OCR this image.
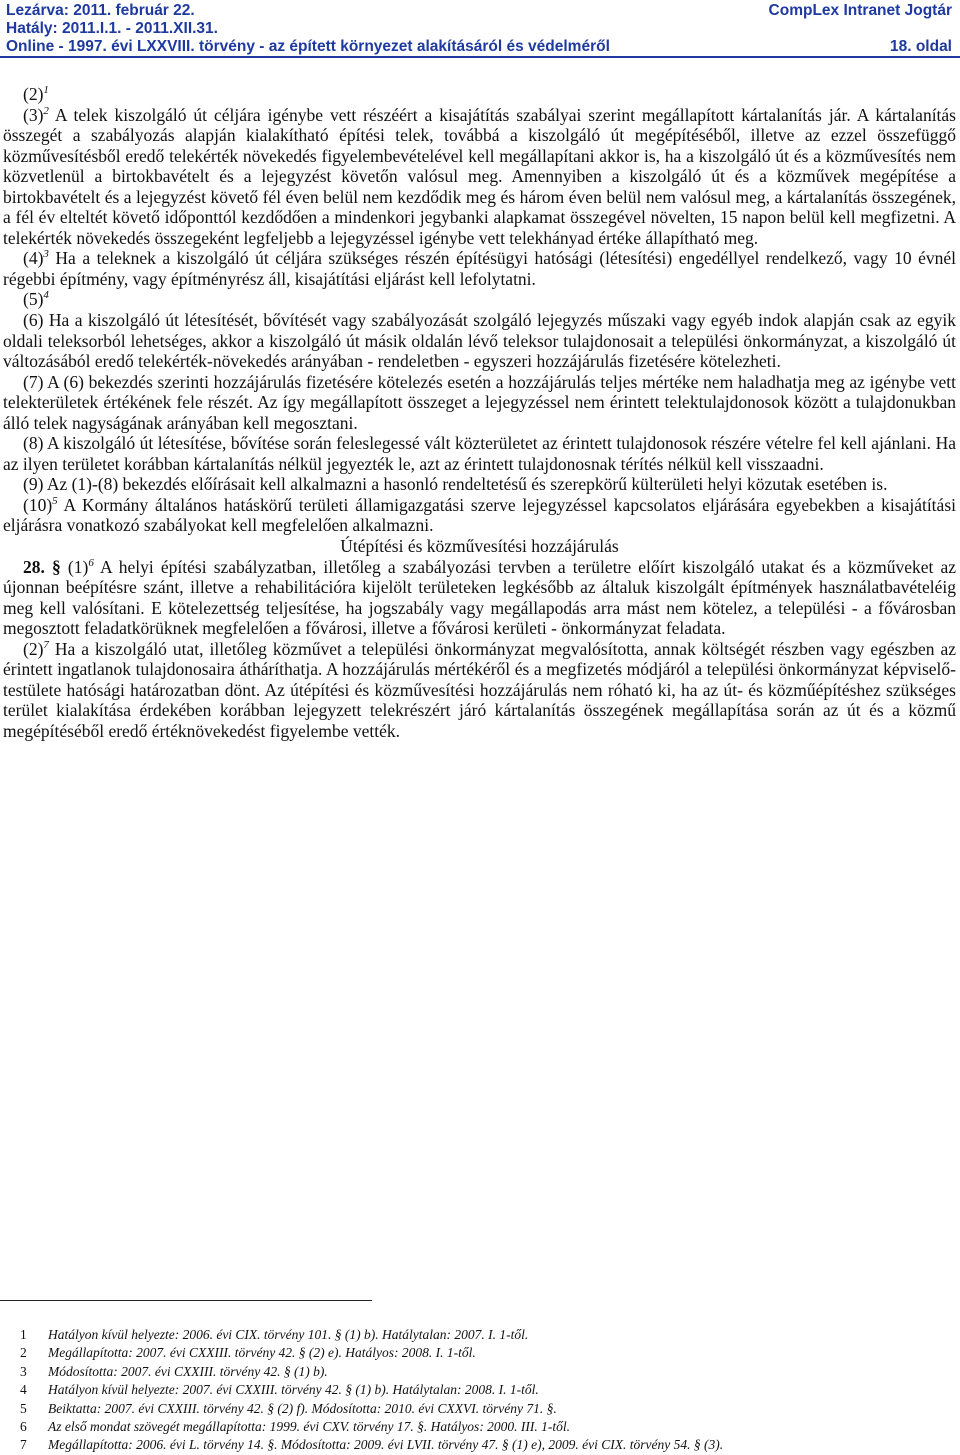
Lezárva: 2011. február 22.	CompLex Intranet Jogtár
Hatály: 2011.I.1. - 2011.XII.31.
Online - 1997. évi LXXVIII. törvény - az épített környezet alakításáról és védelméről	18. oldal

$(2)^1$

$(3)^2$ A telek kiszolgáló út céljára igénybe vett részéért a kisajátítás szabályai szerint megállapított kártalanítás jár. A kártalanítás összegét a szabályozás alapján kialakítható építési telek, továbbá a kiszolgáló út megépítéséből, illetve az ezzel összefüggő közművesítésből eredő telekérték növekedés figyelembevételével kell megállapítani akkor is, ha a kiszolgáló út és a közművesítés nem közvetlenül a birtokbavételt és a lejegyzést követőn valósul meg. Amennyiben a kiszolgáló út és a közművek megépítése a birtokbavételt és a lejegyzést követő fél éven belül nem kezdődik meg és három éven belül nem valósul meg, a kártalanítás összegének, a fél év elteltét követő időponttól kezdődően a mindenkori jegybanki alapkamat összegével növelten, 15 napon belül kell megfizetni. A telekérték növekedés összegeként legfeljebb a lejegyzéssel igénybe vett telekhányad értéke állapítható meg.

$(4)^3$ Ha a teleknek a kiszolgáló út céljára szükséges részén építésügyi hatósági (létesítési) engedéllyel rendelkező, vagy 10 évnél régebbi építmény, vagy építményrész áll, kisajátítási eljárást kell lefolytatni.

$(5)^4$

(6) Ha a kiszolgáló út létesítését, bővítését vagy szabályozását szolgáló lejegyzés műszaki vagy egyéb indok alapján csak az egyik oldali teleksorból lehetséges, akkor a kiszolgáló út másik oldalán lévő teleksor tulajdonosait a települési önkormányzat, a kiszolgáló út változásából eredő telekérték-növekedés arányában - rendeletben - egyszeri hozzájárulás fizetésére kötelezheti.

(7) A (6) bekezdés szerinti hozzájárulás fizetésére kötelezés esetén a hozzájárulás teljes mértéke nem haladhatja meg az igénybe vett telekterületek értékének fele részét. Az így megállapított összeget a lejegyzéssel nem érintett telektulajdonosok között a tulajdonukban álló telek nagyságának arányában kell megosztani.

(8) A kiszolgáló út létesítése, bővítése során feleslegessé vált közterületet az érintett tulajdonosok részére vételre fel kell ajánlani. Ha az ilyen területet korábban kártalanítás nélkül jegyezték le, azt az érintett tulajdonosnak térítés nélkül kell visszaadni.

(9) Az (1)-(8) bekezdés előírásait kell alkalmazni a hasonló rendeltetésű és szerepkörű külterületi helyi közutak esetében is.

$(10)^5$ A Kormány általános hatáskörű területi államigazgatási szerve lejegyzéssel kapcsolatos eljárására egyebekben a kisajátítási eljárásra vonatkozó szabályokat kell megfelelően alkalmazni.

Útépítési és közművesítési hozzájárulás

28. § $(1)^6$ A helyi építési szabályzatban, illetőleg a szabályozási tervben a területre előírt kiszolgáló utakat és a közműveket az újonnan beépítésre szánt, illetve a rehabilitációra kijelölt területeken legkésőbb az általuk kiszolgált építmények használatbavételéig meg kell valósítani. E kötelezettség teljesítése, ha jogszabály vagy megállapodás arra mást nem kötelez, a települési - a fővárosban megosztott feladatkörüknek megfelelően a fővárosi, illetve a fővárosi kerületi - önkormányzat feladata.

$(2)^7$ Ha a kiszolgáló utat, illetőleg közművet a települési önkormányzat megvalósította, annak költségét részben vagy egészben az érintett ingatlanok tulajdonosaira átháríthatja. A hozzájárulás mértékéről és a megfizetés módjáról a települési önkormányzat képviselő-testülete hatósági határozatban dönt. Az útépítési és közművesítési hozzájárulás nem róható ki, ha az út- és közműépítéshez szükséges terület kialakítása érdekében korábban lejegyzett telekrészért járó kártalanítás összegének megállapítása során az út és a közmű megépítéséből eredő értéknövekedést figyelembe vették.

1 Hatályon kívül helyezte: 2006. évi CIX. törvény 101. § (1) b). Hatálytalan: 2007. I. 1-től.
2 Megállapította: 2007. évi CXXIII. törvény 42. § (2) e). Hatályos: 2008. I. 1-től.
3 Módosította: 2007. évi CXXIII. törvény 42. § (1) b).
4 Hatályon kívül helyezte: 2007. évi CXXIII. törvény 42. § (1) b). Hatálytalan: 2008. I. 1-től.
5 Beiktatta: 2007. évi CXXIII. törvény 42. § (2) f). Módosította: 2010. évi CXXVI. törvény 71. §.
6 Az első mondat szövegét megállapította: 1999. évi CXV. törvény 17. §. Hatályos: 2000. III. 1-től.
7 Megállapította: 2006. évi L. törvény 14. §. Módosította: 2009. évi LVII. törvény 47. § (1) e), 2009. évi CIX. törvény 54. § (3).
